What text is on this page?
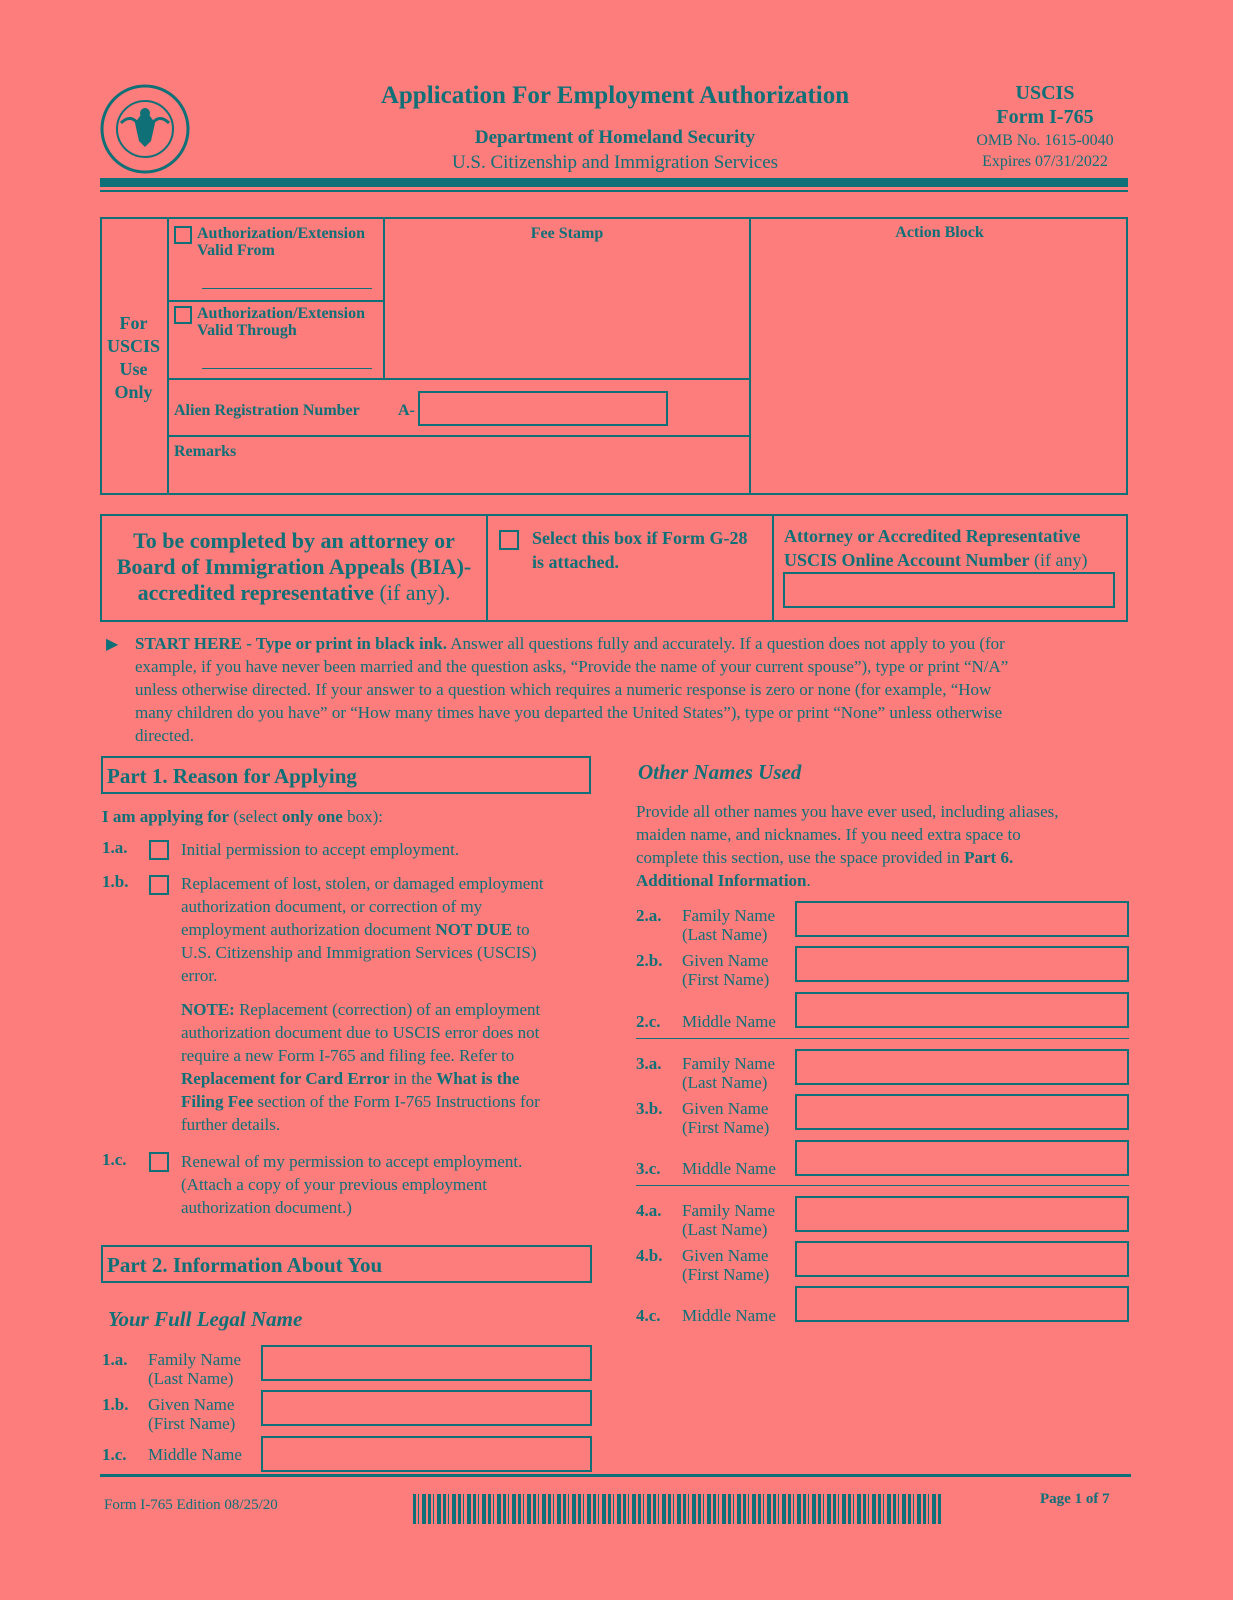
Application For Employment Authorization
Department of Homeland Security
U.S. Citizenship and Immigration Services
USCIS
Form I-765
OMB No. 1615-0040
Expires 07/31/2022
For
USCIS
Use
Only
Authorization/Extension
Valid From
Authorization/Extension
Valid Through
Fee Stamp	Action Block
Alien Registration Number A-
Remarks
To be completed by an attorney or
Board of Immigration Appeals (BIA)-
accredited representative (if any).
Select this box if Form G-28
is attached.
Attorney or Accredited Representative
USCIS Online Account Number (if any)
▶ START HERE - Type or print in black ink. Answer all questions fully and accurately. If a question does not apply to you (for
example, if you have never been married and the question asks, “Provide the name of your current spouse”), type or print “N/A”
unless otherwise directed. If your answer to a question which requires a numeric response is zero or none (for example, “How
many children do you have” or “How many times have you departed the United States”), type or print “None” unless otherwise
directed.
Part 1. Reason for Applying
I am applying for (select only one box):
1.a.	Initial permission to accept employment.
1.b.	Replacement of lost, stolen, or damaged employment
authorization document, or correction of my
employment authorization document NOT DUE to
U.S. Citizenship and Immigration Services (USCIS)
error.
NOTE: Replacement (correction) of an employment
authorization document due to USCIS error does not
require a new Form I-765 and filing fee. Refer to
Replacement for Card Error in the What is the
Filing Fee section of the Form I-765 Instructions for
further details.
1.c.	Renewal of my permission to accept employment.
(Attach a copy of your previous employment
authorization document.)
Part 2. Information About You
Your Full Legal Name
1.a. Family Name
(Last Name)
1.b. Given Name
(First Name)
1.c. Middle Name
Other Names Used
Provide all other names you have ever used, including aliases,
maiden name, and nicknames. If you need extra space to
complete this section, use the space provided in Part 6.
Additional Information.
2.a. Family Name
(Last Name)
2.b. Given Name
(First Name)
2.c. Middle Name
3.a. Family Name
(Last Name)
3.b. Given Name
(First Name)
3.c. Middle Name
4.a. Family Name
(Last Name)
4.b. Given Name
(First Name)
4.c. Middle Name
Form I-765 Edition 08/25/20	Page 1 of 7
